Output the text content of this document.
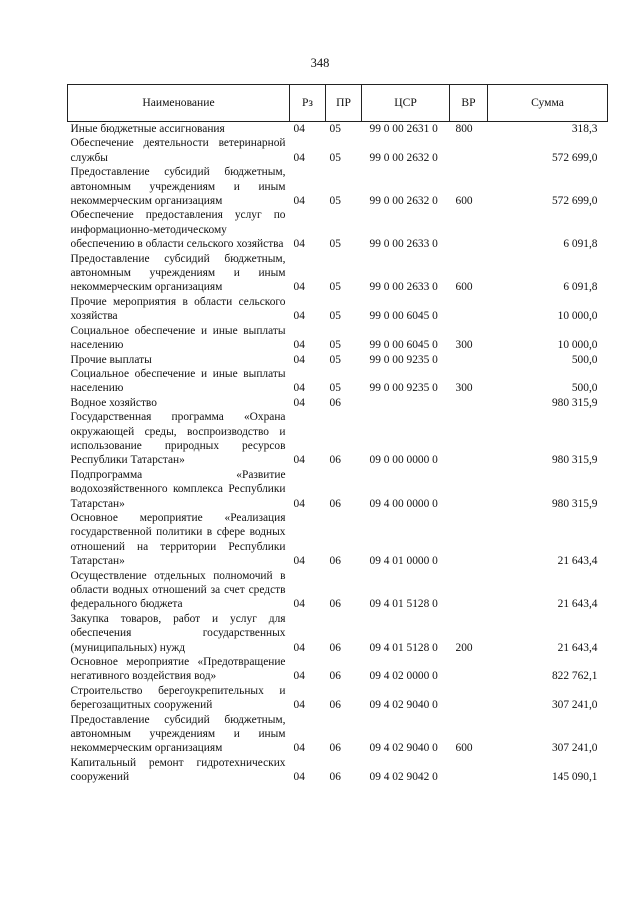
348
Наименование	Рз	ПР	ЦСР	ВР	Сумма
Иные бюджетные ассигнования	04	05	99 0 00 2631 0	800	318,3
Обеспечение деятельности ветеринарной службы	04	05	99 0 00 2632 0		572 699,0
Предоставление субсидий бюджетным, автономным учреждениям и иным некоммерческим организациям	04	05	99 0 00 2632 0	600	572 699,0
Обеспечение предоставления услуг по информационно-методическому обеспечению в области сельского хозяйства	04	05	99 0 00 2633 0		6 091,8
Предоставление субсидий бюджетным, автономным учреждениям и иным некоммерческим организациям	04	05	99 0 00 2633 0	600	6 091,8
Прочие мероприятия в области сельского хозяйства	04	05	99 0 00 6045 0		10 000,0
Социальное обеспечение и иные выплаты населению	04	05	99 0 00 6045 0	300	10 000,0
Прочие выплаты	04	05	99 0 00 9235 0		500,0
Социальное обеспечение и иные выплаты населению	04	05	99 0 00 9235 0	300	500,0
Водное хозяйство	04	06			980 315,9
Государственная программа «Охрана окружающей среды, воспроизводство и использование природных ресурсов Республики Татарстан»	04	06	09 0 00 0000 0		980 315,9
Подпрограмма «Развитие водохозяйственного комплекса Республики Татарстан»	04	06	09 4 00 0000 0		980 315,9
Основное мероприятие «Реализация государственной политики в сфере водных отношений на территории Республики Татарстан»	04	06	09 4 01 0000 0		21 643,4
Осуществление отдельных полномочий в области водных отношений за счет средств федерального бюджета	04	06	09 4 01 5128 0		21 643,4
Закупка товаров, работ и услуг для обеспечения государственных (муниципальных) нужд	04	06	09 4 01 5128 0	200	21 643,4
Основное мероприятие «Предотвращение негативного воздействия вод»	04	06	09 4 02 0000 0		822 762,1
Строительство берегоукрепительных и берегозащитных сооружений	04	06	09 4 02 9040 0		307 241,0
Предоставление субсидий бюджетным, автономным учреждениям и иным некоммерческим организациям	04	06	09 4 02 9040 0	600	307 241,0
Капитальный ремонт гидротехнических сооружений	04	06	09 4 02 9042 0		145 090,1
